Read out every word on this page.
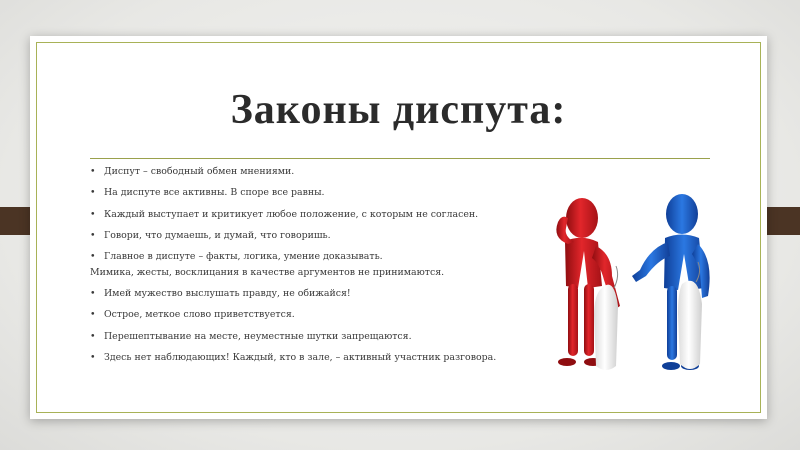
Законы диспута:
• Диспут – свободный обмен мнениями.
• На диспуте все активны. В споре все равны.
• Каждый выступает и критикует любое положение, с которым не согласен.
• Говори, что думаешь, и думай, что говоришь.
• Главное в диспуте – факты, логика, умение доказывать.
Мимика, жесты, восклицания в качестве аргументов не принимаются.
• Имей мужество выслушать правду, не обижайся!
• Острое, меткое слово приветствуется.
• Перешептывание на месте, неуместные шутки запрещаются.
• Здесь нет наблюдающих! Каждый, кто в зале, – активный участник разговора.
